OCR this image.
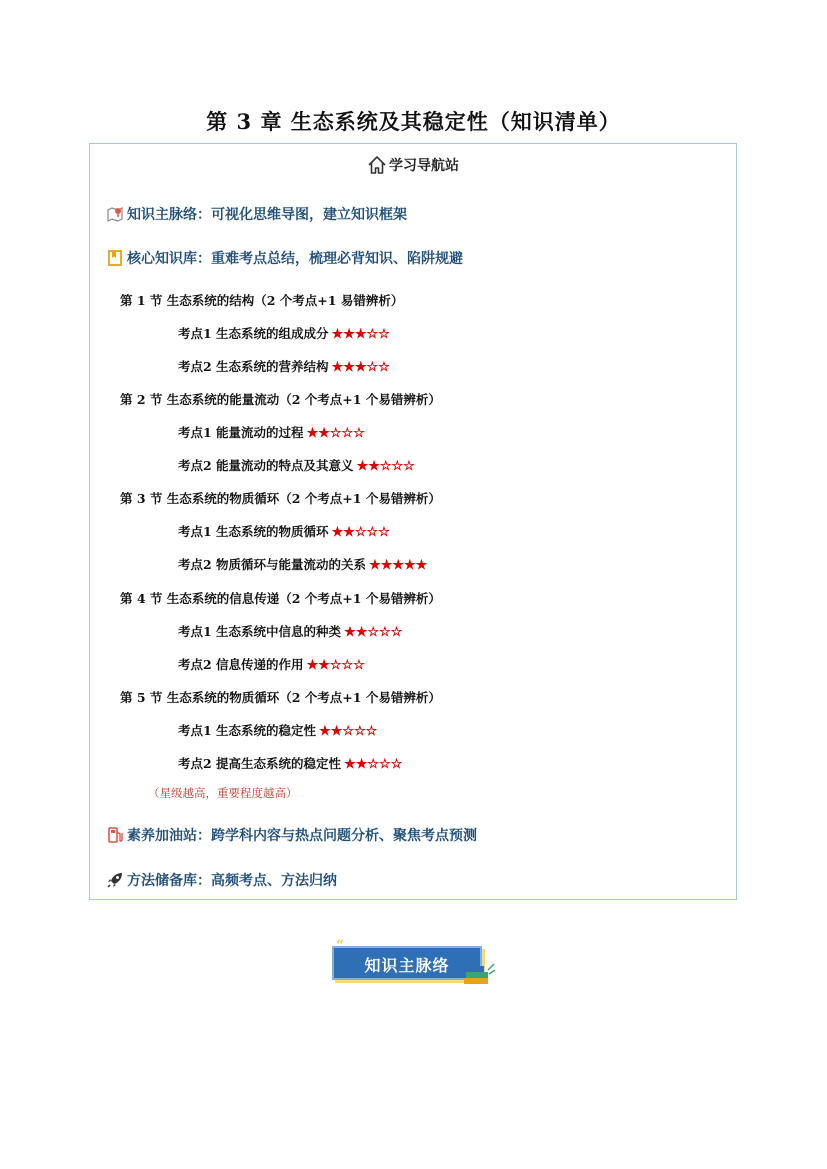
第 3 章 生态系统及其稳定性（知识清单）
学习导航站
知识主脉络：可视化思维导图，建立知识框架
核心知识库：重难考点总结，梳理必背知识、陷阱规避
第 1 节 生态系统的结构（2 个考点+1 易错辨析）
考点1 生态系统的组成成分 ★★★☆☆
考点2 生态系统的营养结构 ★★★☆☆
第 2 节 生态系统的能量流动（2 个考点+1 个易错辨析）
考点1 能量流动的过程 ★★☆☆☆
考点2 能量流动的特点及其意义 ★★☆☆☆
第 3 节 生态系统的物质循环（2 个考点+1 个易错辨析）
考点1 生态系统的物质循环 ★★☆☆☆
考点2 物质循环与能量流动的关系 ★★★★★
第 4 节 生态系统的信息传递（2 个考点+1 个易错辨析）
考点1 生态系统中信息的种类 ★★☆☆☆
考点2 信息传递的作用 ★★☆☆☆
第 5 节 生态系统的物质循环（2 个考点+1 个易错辨析）
考点1 生态系统的稳定性 ★★☆☆☆
考点2 提高生态系统的稳定性 ★★☆☆☆
（星级越高，重要程度越高）
素养加油站：跨学科内容与热点问题分析、聚焦考点预测
方法储备库：高频考点、方法归纳
知识主脉络
